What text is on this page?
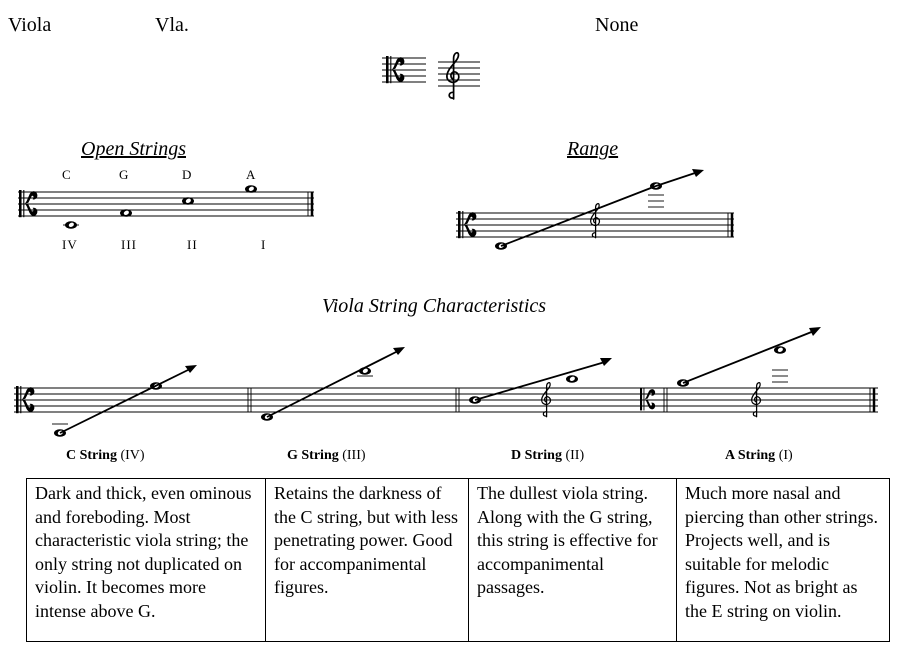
Viola	Vla.	None
Open Strings
C	G	D	A
IV	III	II	I
Range
Viola String Characteristics
C String (IV)	G String (III)	D String (II)	A String (I)
Dark and thick, even ominous and foreboding. Most characteristic viola string; the only string not duplicated on violin. It becomes more intense above G.	Retains the darkness of the C string, but with less penetrating power. Good for accompanimental figures.	The dullest viola string. Along with the G string, this string is effective for accompanimental passages.	Much more nasal and piercing than other strings. Projects well, and is suitable for melodic figures. Not as bright as the E string on violin.
